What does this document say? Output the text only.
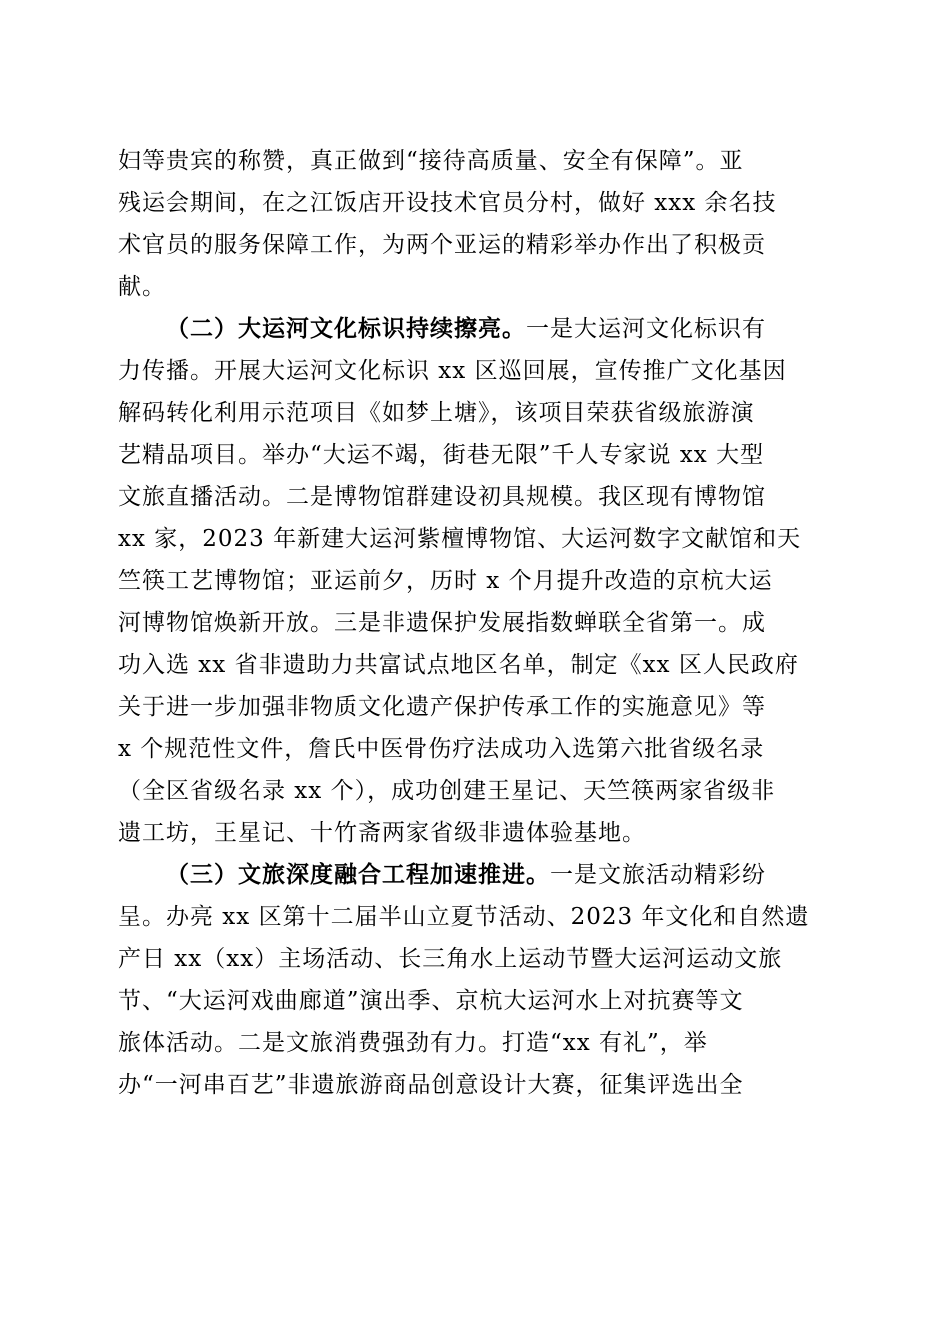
妇等贵宾的称赞，真正做到“接待高质量、安全有保障”。亚
残运会期间，在之江饭店开设技术官员分村，做好 xxx 余名技
术官员的服务保障工作，为两个亚运的精彩举办作出了积极贡
献。
（二）大运河文化标识持续擦亮。一是大运河文化标识有
力传播。开展大运河文化标识 xx 区巡回展，宣传推广文化基因
解码转化利用示范项目《如梦上塘》，该项目荣获省级旅游演
艺精品项目。举办“大运不竭，街巷无限”千人专家说 xx 大型
文旅直播活动。二是博物馆群建设初具规模。我区现有博物馆
xx 家，2023 年新建大运河紫檀博物馆、大运河数字文献馆和天
竺筷工艺博物馆；亚运前夕，历时 x 个月提升改造的京杭大运
河博物馆焕新开放。三是非遗保护发展指数蝉联全省第一。成
功入选 xx 省非遗助力共富试点地区名单，制定《xx 区人民政府
关于进一步加强非物质文化遗产保护传承工作的实施意见》等
x 个规范性文件，詹氏中医骨伤疗法成功入选第六批省级名录
（全区省级名录 xx 个），成功创建王星记、天竺筷两家省级非
遗工坊，王星记、十竹斋两家省级非遗体验基地。
（三）文旅深度融合工程加速推进。一是文旅活动精彩纷
呈。办亮 xx 区第十二届半山立夏节活动、2023 年文化和自然遗
产日 xx（xx）主场活动、长三角水上运动节暨大运河运动文旅
节、“大运河戏曲廊道”演出季、京杭大运河水上对抗赛等文
旅体活动。二是文旅消费强劲有力。打造“xx 有礼”，举
办“一河串百艺”非遗旅游商品创意设计大赛，征集评选出全
